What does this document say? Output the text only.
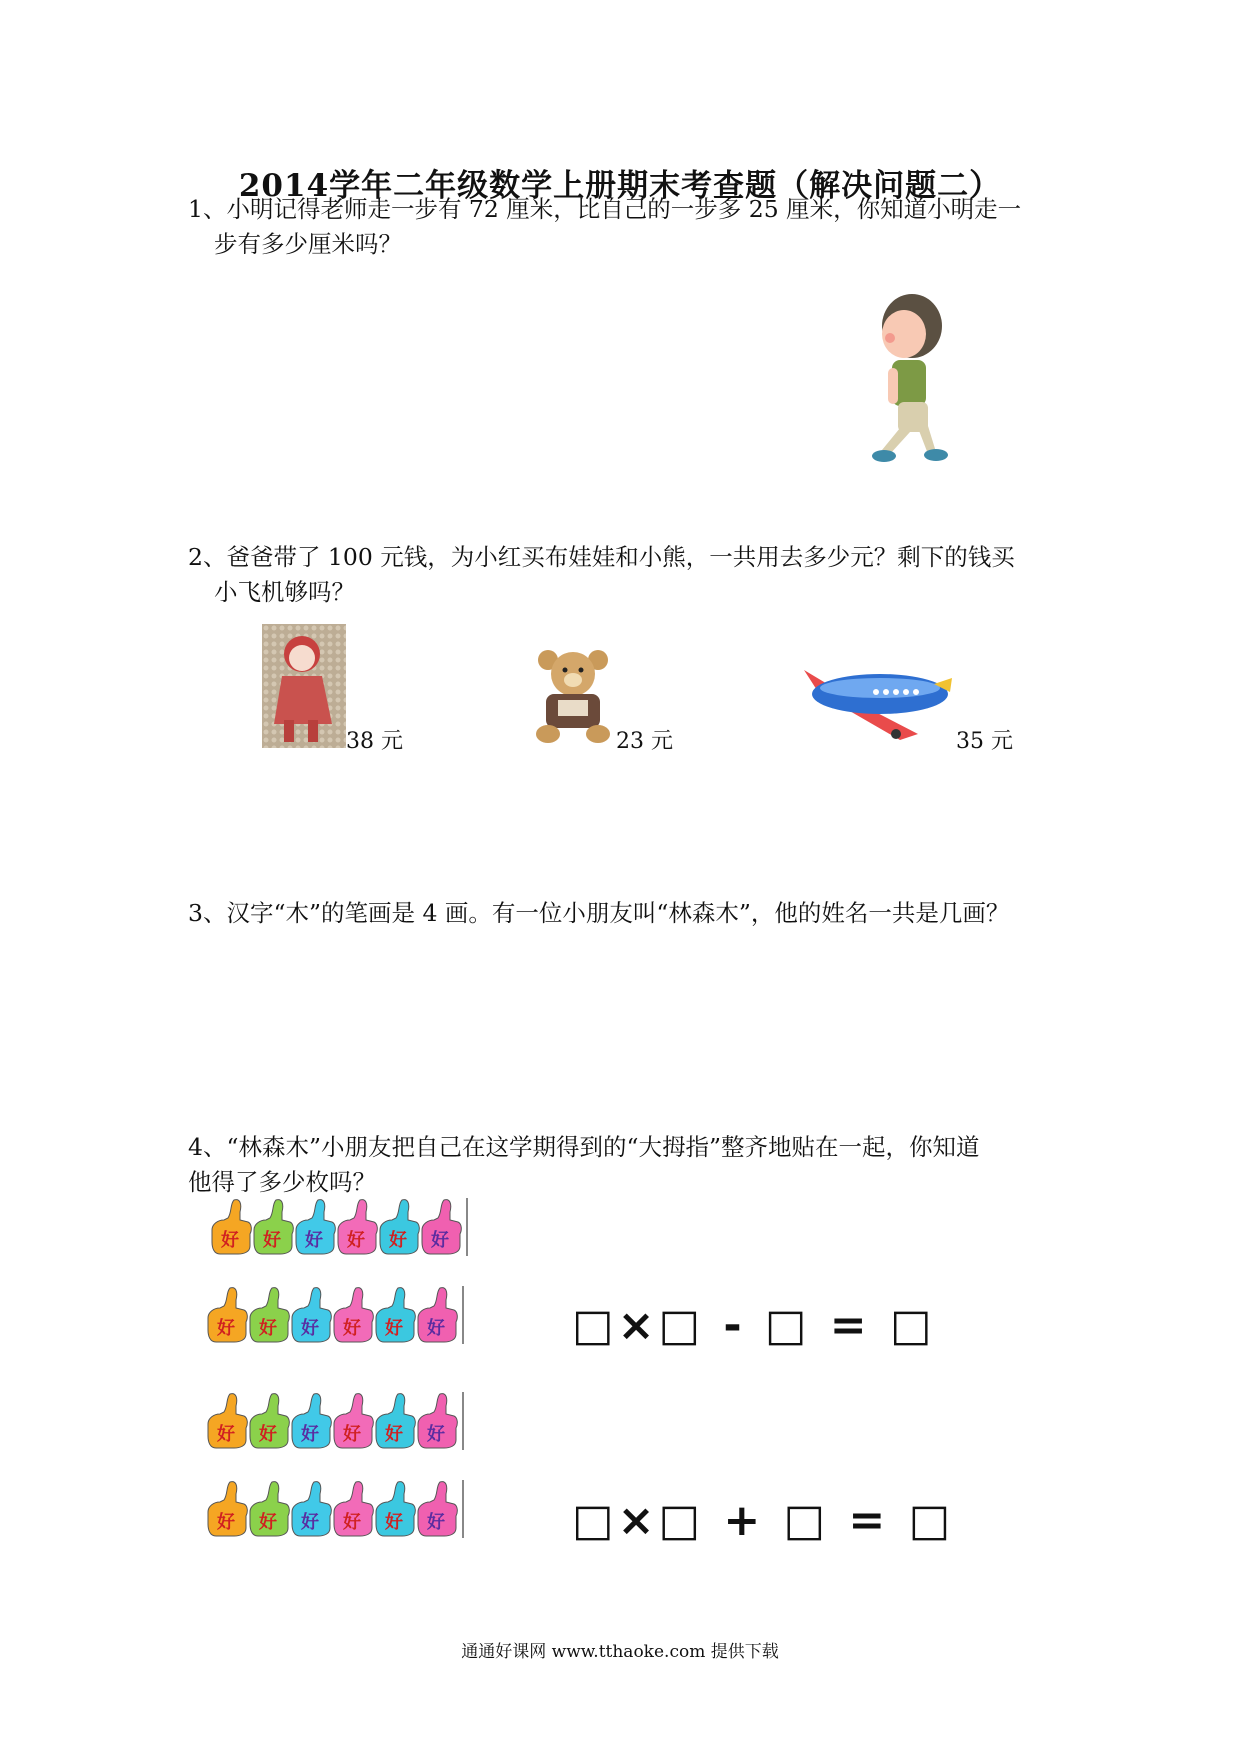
2014学年二年级数学上册期末考查题（解决问题二）
1、小明记得老师走一步有 72 厘米，比自己的一步多 25 厘米，你知道小明走一
步有多少厘米吗？
2、爸爸带了 100 元钱，为小红买布娃娃和小熊，一共用去多少元？剩下的钱买
小飞机够吗？
38 元	23 元	35 元
3、汉字“木”的笔画是 4 画。有一位小朋友叫“林森木”，他的姓名一共是几画？
4、“林森木”小朋友把自己在这学期得到的“大拇指”整齐地贴在一起，你知道
他得了多少枚吗？
好 好 好 好 好 好
好 好 好 好 好 好
好 好 好 好 好 好
好 好 好 好 好 好
□×□ - □ = □
□×□ + □ = □
通通好课网 www.tthaoke.com 提供下载
